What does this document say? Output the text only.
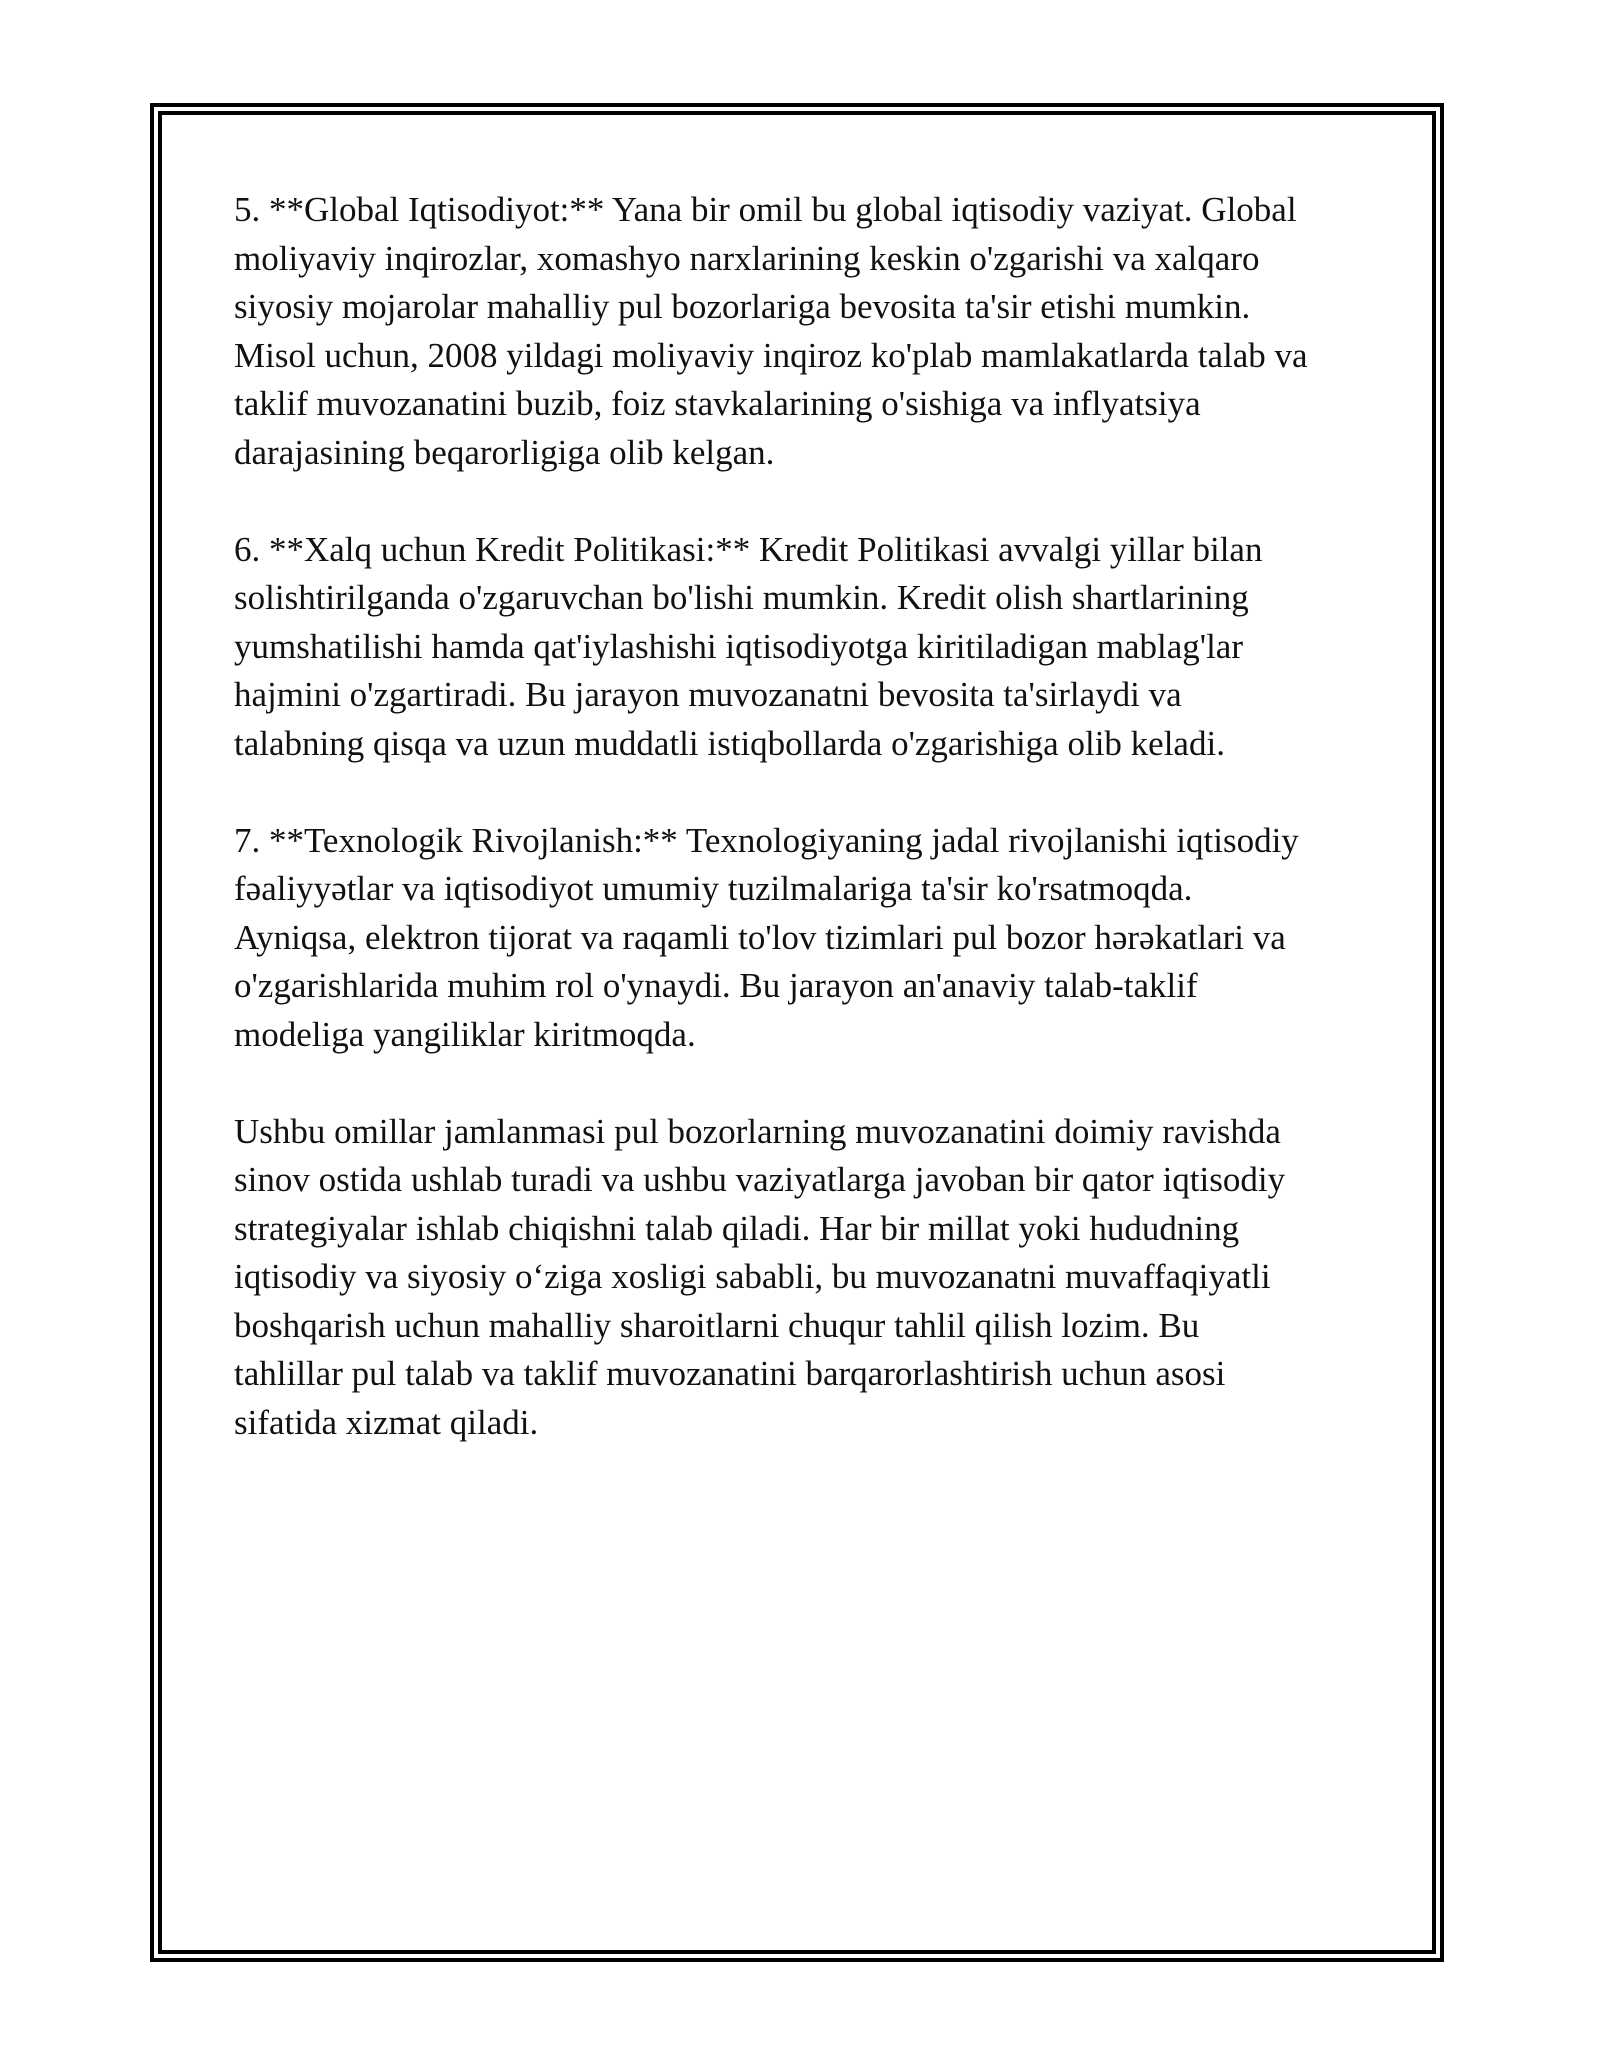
5. **Global Iqtisodiyot:** Yana bir omil bu global iqtisodiy vaziyat. Global
moliyaviy inqirozlar, xomashyo narxlarining keskin o'zgarishi va xalqaro
siyosiy mojarolar mahalliy pul bozorlariga bevosita ta'sir etishi mumkin.
Misol uchun, 2008 yildagi moliyaviy inqiroz ko'plab mamlakatlarda talab va
taklif muvozanatini buzib, foiz stavkalarining o'sishiga va inflyatsiya
darajasining beqarorligiga olib kelgan.

6. **Xalq uchun Kredit Politikasi:** Kredit Politikasi avvalgi yillar bilan
solishtirilganda o'zgaruvchan bo'lishi mumkin. Kredit olish shartlarining
yumshatilishi hamda qat'iylashishi iqtisodiyotga kiritiladigan mablag'lar
hajmini o'zgartiradi. Bu jarayon muvozanatni bevosita ta'sirlaydi va
talabning qisqa va uzun muddatli istiqbollarda o'zgarishiga olib keladi.

7. **Texnologik Rivojlanish:** Texnologiyaning jadal rivojlanishi iqtisodiy
fəaliyyətlar va iqtisodiyot umumiy tuzilmalariga ta'sir ko'rsatmoqda.
Ayniqsa, elektron tijorat va raqamli to'lov tizimlari pul bozor hərəkatlari va
o'zgarishlarida muhim rol o'ynaydi. Bu jarayon an'anaviy talab-taklif
modeliga yangiliklar kiritmoqda.

Ushbu omillar jamlanmasi pul bozorlarning muvozanatini doimiy ravishda
sinov ostida ushlab turadi va ushbu vaziyatlarga javoban bir qator iqtisodiy
strategiyalar ishlab chiqishni talab qiladi. Har bir millat yoki hududning
iqtisodiy va siyosiy o‘ziga xosligi sababli, bu muvozanatni muvaffaqiyatli
boshqarish uchun mahalliy sharoitlarni chuqur tahlil qilish lozim. Bu
tahlillar pul talab va taklif muvozanatini barqarorlashtirish uchun asosi
sifatida xizmat qiladi.
